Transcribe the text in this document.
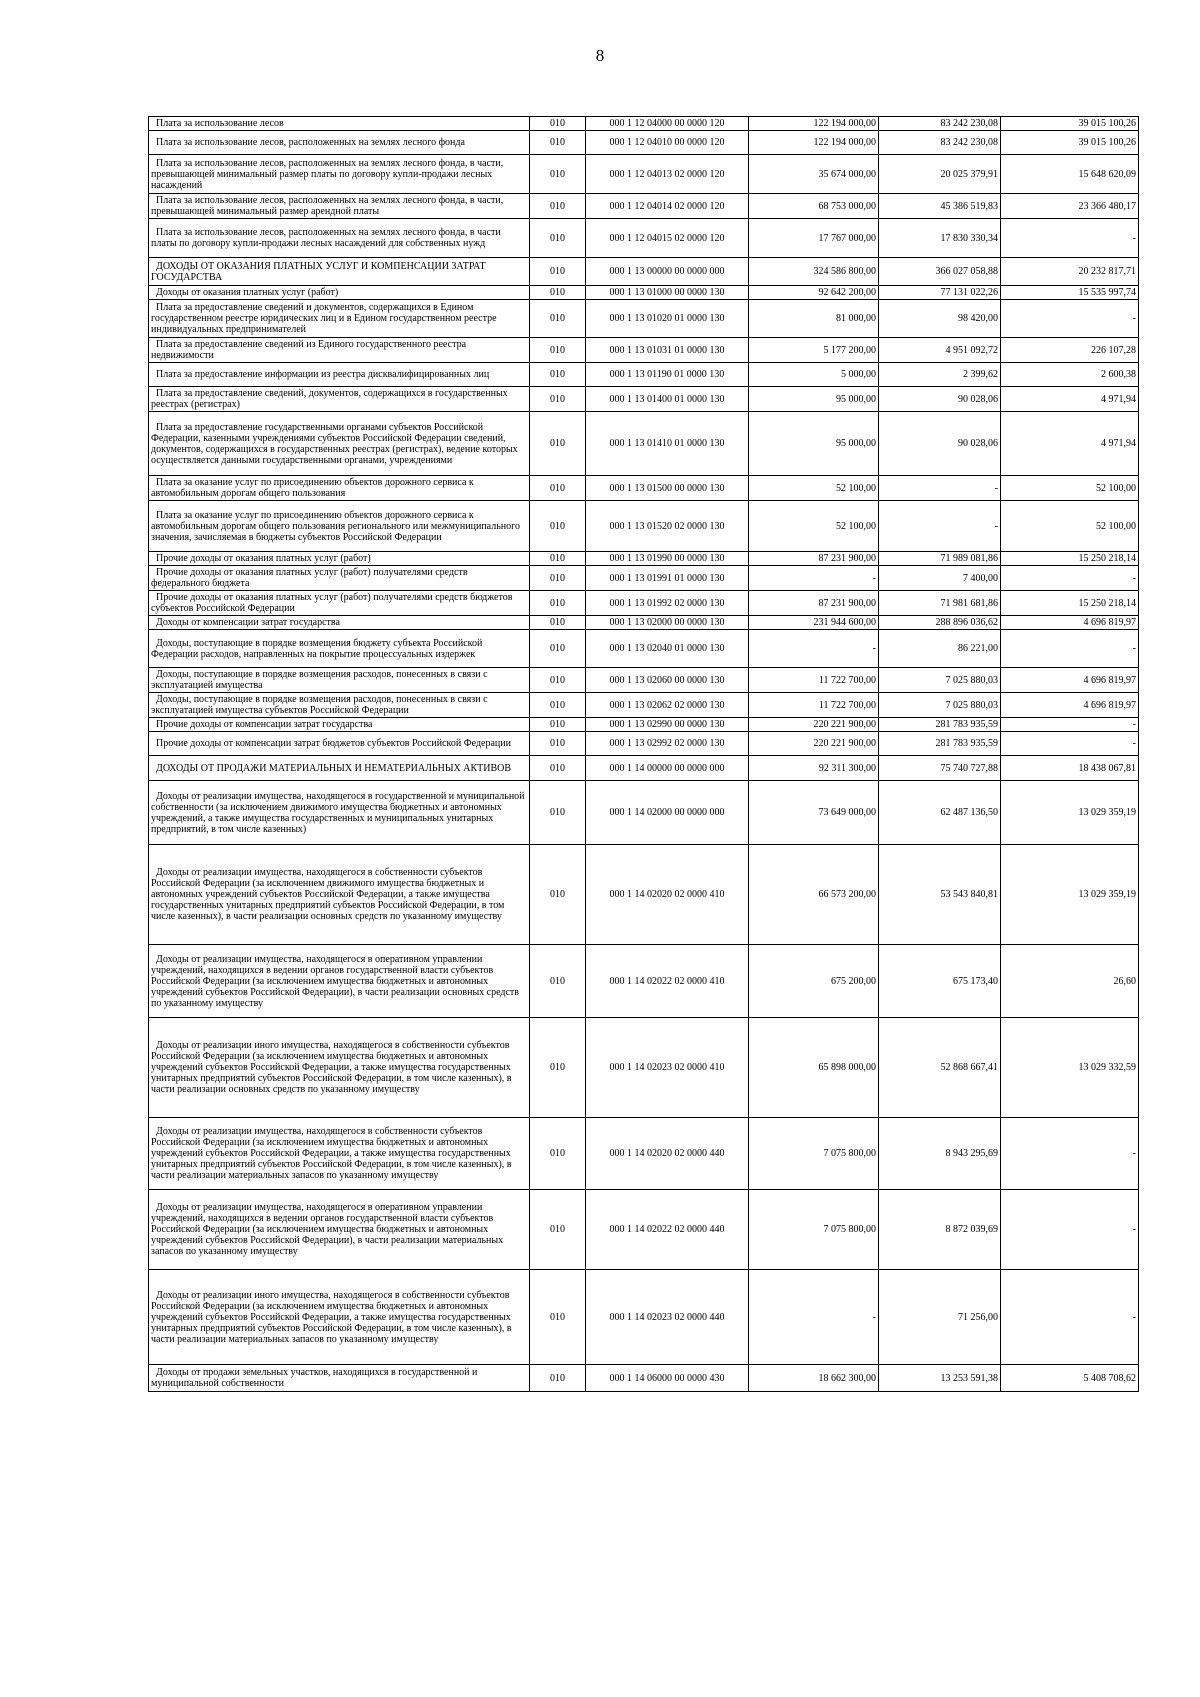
8
Плата за использование лесов	010	000 1 12 04000 00 0000 120	122 194 000,00	83 242 230,08	39 015 100,26
Плата за использование лесов, расположенных на землях лесного фонда	010	000 1 12 04010 00 0000 120	122 194 000,00	83 242 230,08	39 015 100,26
Плата за использование лесов, расположенных на землях лесного фонда, в части, превышающей минимальный размер платы по договору купли-продажи лесных насаждений	010	000 1 12 04013 02 0000 120	35 674 000,00	20 025 379,91	15 648 620,09
Плата за использование лесов, расположенных на землях лесного фонда, в части, превышающей минимальный размер арендной платы	010	000 1 12 04014 02 0000 120	68 753 000,00	45 386 519,83	23 366 480,17
Плата за использование лесов, расположенных на землях лесного фонда, в части платы по договору купли-продажи лесных насаждений для собственных нужд	010	000 1 12 04015 02 0000 120	17 767 000,00	17 830 330,34	-
ДОХОДЫ ОТ ОКАЗАНИЯ ПЛАТНЫХ УСЛУГ И КОМПЕНСАЦИИ ЗАТРАТ ГОСУДАРСТВА	010	000 1 13 00000 00 0000 000	324 586 800,00	366 027 058,88	20 232 817,71
Доходы от оказания платных услуг (работ)	010	000 1 13 01000 00 0000 130	92 642 200,00	77 131 022,26	15 535 997,74
Плата за предоставление сведений и документов, содержащихся в Едином государственном реестре юридических лиц и в Едином государственном реестре индивидуальных предпринимателей	010	000 1 13 01020 01 0000 130	81 000,00	98 420,00	-
Плата за предоставление сведений из Единого государственного реестра недвижимости	010	000 1 13 01031 01 0000 130	5 177 200,00	4 951 092,72	226 107,28
Плата за предоставление информации из реестра дисквалифицированных лиц	010	000 1 13 01190 01 0000 130	5 000,00	2 399,62	2 600,38
Плата за предоставление сведений, документов, содержащихся в государственных реестрах (регистрах)	010	000 1 13 01400 01 0000 130	95 000,00	90 028,06	4 971,94
Плата за предоставление государственными органами субъектов Российской Федерации, казенными учреждениями субъектов Российской Федерации сведений, документов, содержащихся в государственных реестрах (регистрах), ведение которых осуществляется данными государственными органами, учреждениями	010	000 1 13 01410 01 0000 130	95 000,00	90 028,06	4 971,94
Плата за оказание услуг по присоединению объектов дорожного сервиса к автомобильным дорогам общего пользования	010	000 1 13 01500 00 0000 130	52 100,00	-	52 100,00
Плата за оказание услуг по присоединению объектов дорожного сервиса к автомобильным дорогам общего пользования регионального или межмуниципального значения, зачисляемая в бюджеты субъектов Российской Федерации	010	000 1 13 01520 02 0000 130	52 100,00	-	52 100,00
Прочие доходы от оказания платных услуг (работ)	010	000 1 13 01990 00 0000 130	87 231 900,00	71 989 081,86	15 250 218,14
Прочие доходы от оказания платных услуг (работ) получателями средств федерального бюджета	010	000 1 13 01991 01 0000 130	-	7 400,00	-
Прочие доходы от оказания платных услуг (работ) получателями средств бюджетов субъектов Российской Федерации	010	000 1 13 01992 02 0000 130	87 231 900,00	71 981 681,86	15 250 218,14
Доходы от компенсации затрат государства	010	000 1 13 02000 00 0000 130	231 944 600,00	288 896 036,62	4 696 819,97
Доходы, поступающие в порядке возмещения бюджету субъекта Российской Федерации расходов, направленных на покрытие процессуальных издержек	010	000 1 13 02040 01 0000 130	-	86 221,00	-
Доходы, поступающие в порядке возмещения расходов, понесенных в связи с эксплуатацией имущества	010	000 1 13 02060 00 0000 130	11 722 700,00	7 025 880,03	4 696 819,97
Доходы, поступающие в порядке возмещения расходов, понесенных в связи с эксплуатацией имущества субъектов Российской Федерации	010	000 1 13 02062 02 0000 130	11 722 700,00	7 025 880,03	4 696 819,97
Прочие доходы от компенсации затрат государства	010	000 1 13 02990 00 0000 130	220 221 900,00	281 783 935,59	-
Прочие доходы от компенсации затрат бюджетов субъектов Российской Федерации	010	000 1 13 02992 02 0000 130	220 221 900,00	281 783 935,59	-
ДОХОДЫ ОТ ПРОДАЖИ МАТЕРИАЛЬНЫХ И НЕМАТЕРИАЛЬНЫХ АКТИВОВ	010	000 1 14 00000 00 0000 000	92 311 300,00	75 740 727,88	18 438 067,81
Доходы от реализации имущества, находящегося в государственной и муниципальной собственности (за исключением движимого имущества бюджетных и автономных учреждений, а также имущества государственных и муниципальных унитарных предприятий, в том числе казенных)	010	000 1 14 02000 00 0000 000	73 649 000,00	62 487 136,50	13 029 359,19
Доходы от реализации имущества, находящегося в собственности субъектов Российской Федерации (за исключением движимого имущества бюджетных и автономных учреждений субъектов Российской Федерации, а также имущества государственных унитарных предприятий субъектов Российской Федерации, в том числе казенных), в части реализации основных средств по указанному имуществу	010	000 1 14 02020 02 0000 410	66 573 200,00	53 543 840,81	13 029 359,19
Доходы от реализации имущества, находящегося в оперативном управлении учреждений, находящихся в ведении органов государственной власти субъектов Российской Федерации (за исключением имущества бюджетных и автономных учреждений субъектов Российской Федерации), в части реализации основных средств по указанному имуществу	010	000 1 14 02022 02 0000 410	675 200,00	675 173,40	26,60
Доходы от реализации иного имущества, находящегося в собственности субъектов Российской Федерации (за исключением имущества бюджетных и автономных учреждений субъектов Российской Федерации, а также имущества государственных унитарных предприятий субъектов Российской Федерации, в том числе казенных), в части реализации основных средств по указанному имуществу	010	000 1 14 02023 02 0000 410	65 898 000,00	52 868 667,41	13 029 332,59
Доходы от реализации имущества, находящегося в собственности субъектов Российской Федерации (за исключением имущества бюджетных и автономных учреждений субъектов Российской Федерации, а также имущества государственных унитарных предприятий субъектов Российской Федерации, в том числе казенных), в части реализации материальных запасов по указанному имуществу	010	000 1 14 02020 02 0000 440	7 075 800,00	8 943 295,69	-
Доходы от реализации имущества, находящегося в оперативном управлении учреждений, находящихся в ведении органов государственной власти субъектов Российской Федерации (за исключением имущества бюджетных и автономных учреждений субъектов Российской Федерации), в части реализации материальных запасов по указанному имуществу	010	000 1 14 02022 02 0000 440	7 075 800,00	8 872 039,69	-
Доходы от реализации иного имущества, находящегося в собственности субъектов Российской Федерации (за исключением имущества бюджетных и автономных учреждений субъектов Российской Федерации, а также имущества государственных унитарных предприятий субъектов Российской Федерации, в том числе казенных), в части реализации материальных запасов по указанному имуществу	010	000 1 14 02023 02 0000 440	-	71 256,00	-
Доходы от продажи земельных участков, находящихся в государственной и муниципальной собственности	010	000 1 14 06000 00 0000 430	18 662 300,00	13 253 591,38	5 408 708,62
